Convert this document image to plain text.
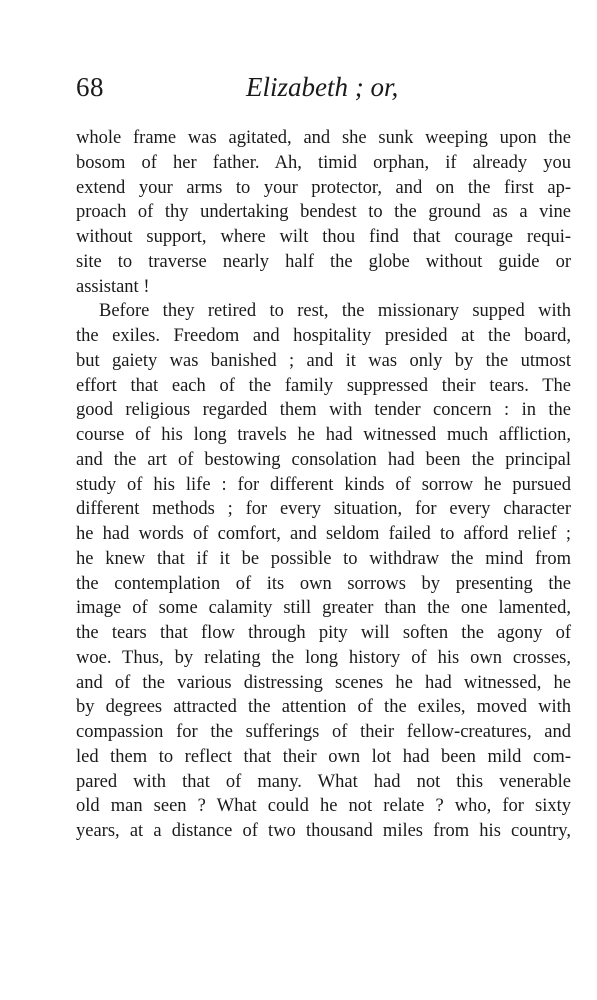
68	Elizabeth ; or,
whole frame was agitated, and she sunk weeping upon the
bosom of her father. Ah, timid orphan, if already you
extend your arms to your protector, and on the first ap-
proach of thy undertaking bendest to the ground as a vine
without support, where wilt thou find that courage requi-
site to traverse nearly half the globe without guide or
assistant !
Before they retired to rest, the missionary supped with
the exiles. Freedom and hospitality presided at the board,
but gaiety was banished ; and it was only by the utmost
effort that each of the family suppressed their tears. The
good religious regarded them with tender concern : in the
course of his long travels he had witnessed much affliction,
and the art of bestowing consolation had been the principal
study of his life : for different kinds of sorrow he pursued
different methods ; for every situation, for every character
he had words of comfort, and seldom failed to afford relief ;
he knew that if it be possible to withdraw the mind from
the contemplation of its own sorrows by presenting the
image of some calamity still greater than the one lamented,
the tears that flow through pity will soften the agony of
woe. Thus, by relating the long history of his own crosses,
and of the various distressing scenes he had witnessed, he
by degrees attracted the attention of the exiles, moved with
compassion for the sufferings of their fellow-creatures, and
led them to reflect that their own lot had been mild com-
pared with that of many. What had not this venerable
old man seen ? What could he not relate ? who, for sixty
years, at a distance of two thousand miles from his country,
